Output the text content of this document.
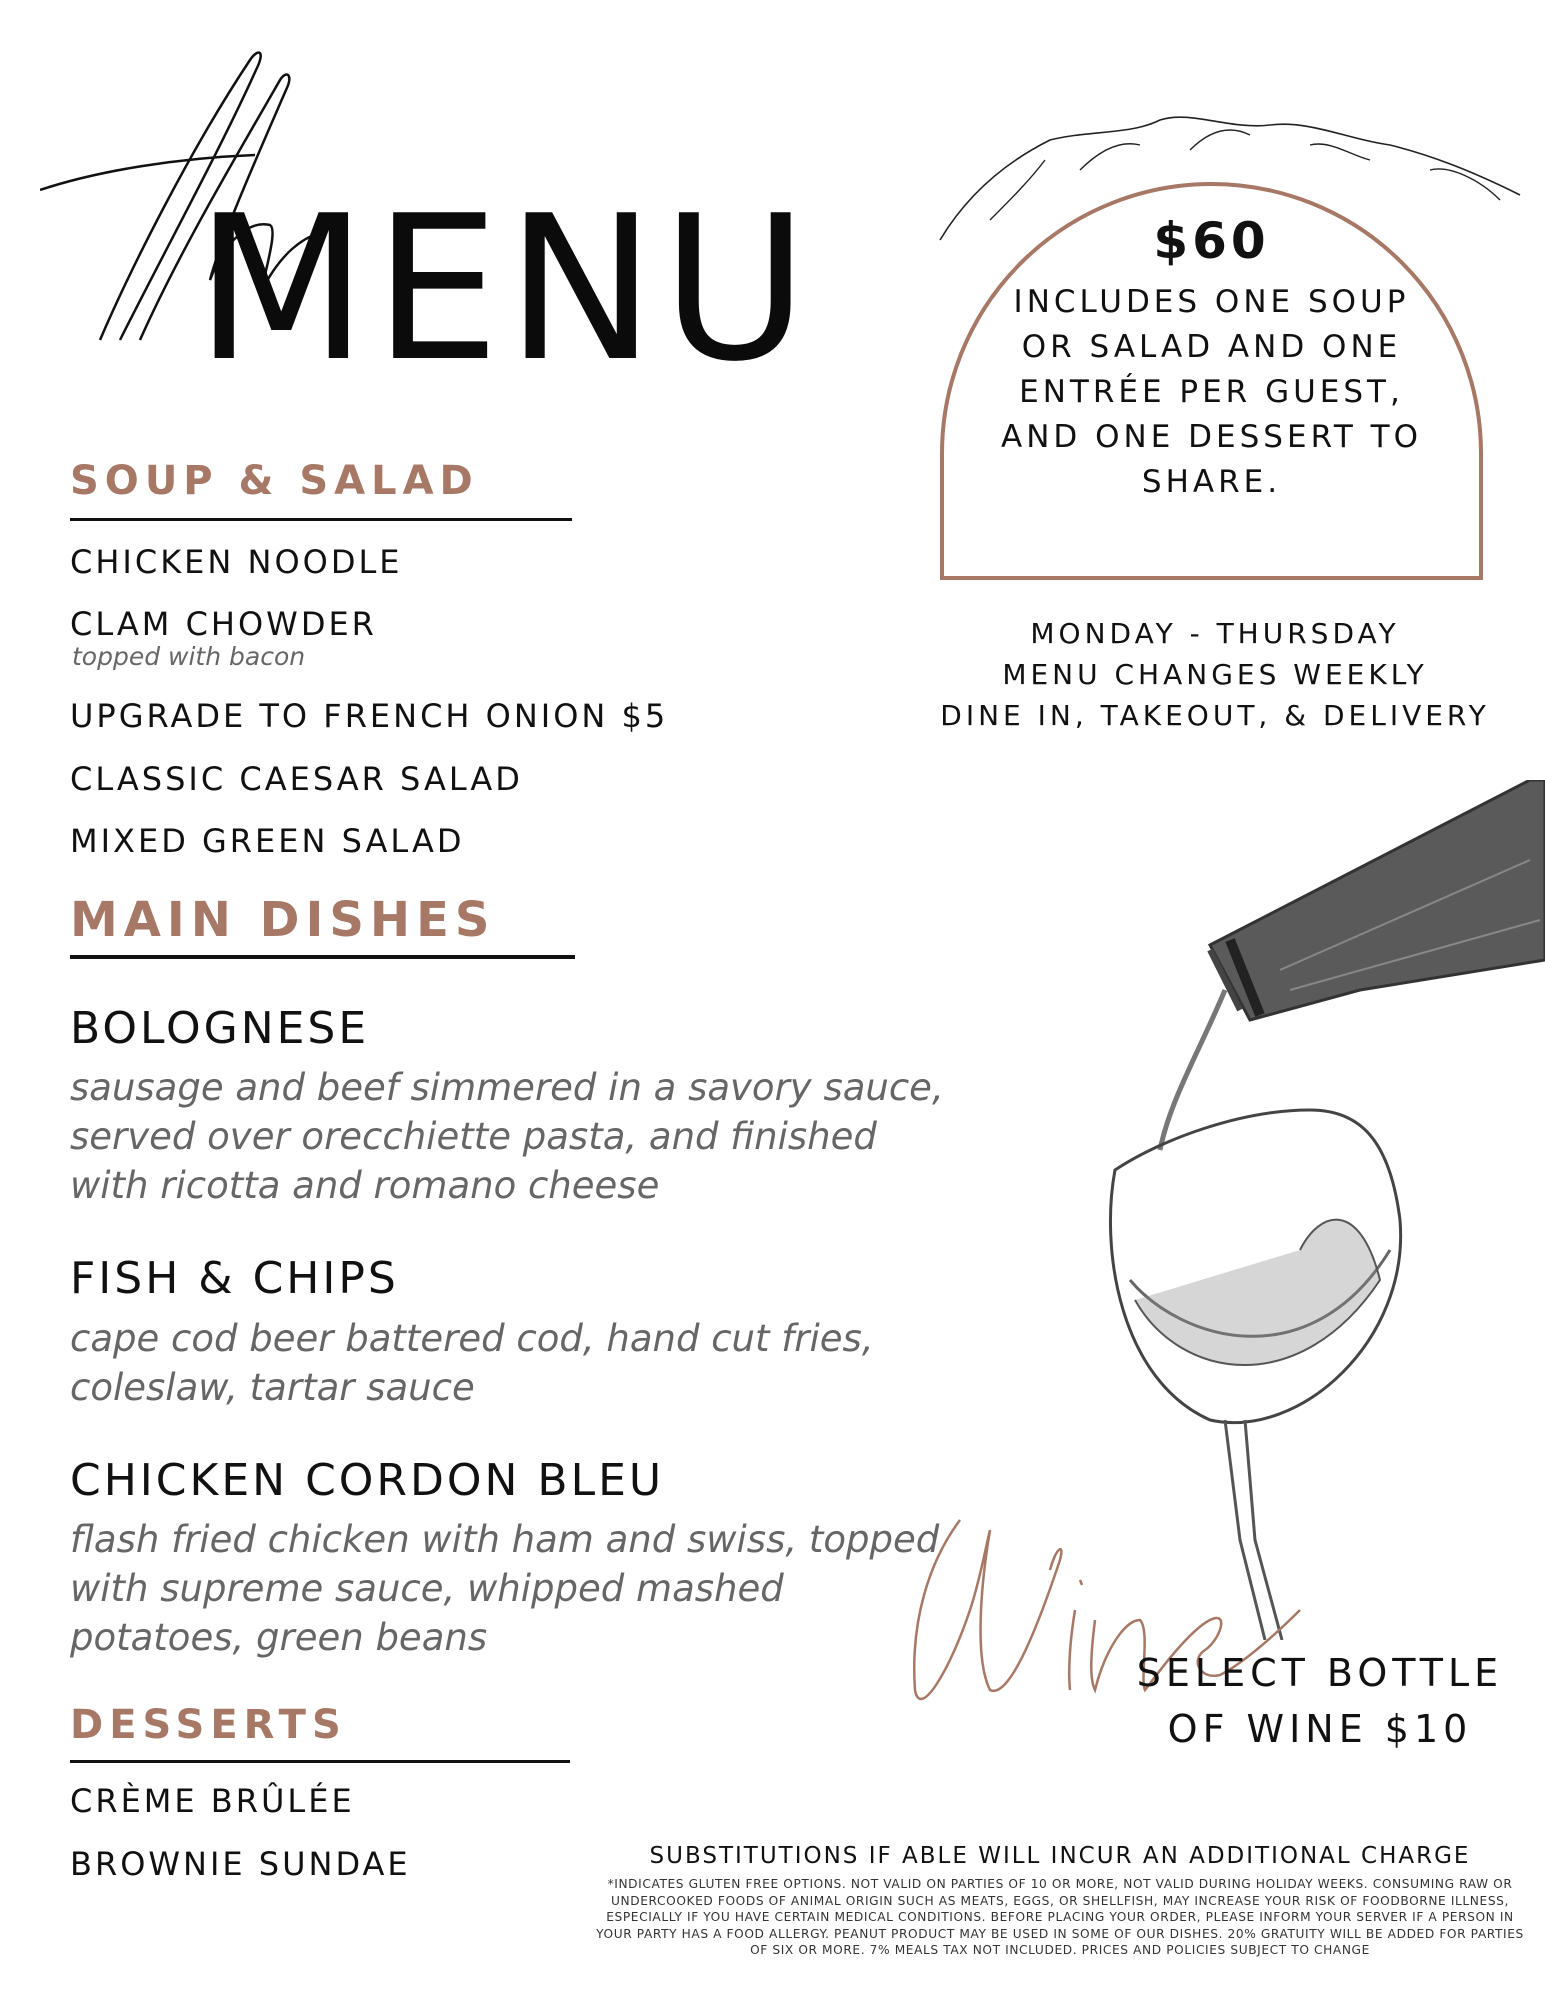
MENU	$60
INCLUDES ONE SOUP OR SALAD AND ONE ENTRÉE PER GUEST, AND ONE DESSERT TO SHARE.
MONDAY - THURSDAY
MENU CHANGES WEEKLY
DINE IN, TAKEOUT, & DELIVERY
SOUP & SALAD
CHICKEN NOODLE
CLAM CHOWDER
topped with bacon
UPGRADE TO FRENCH ONION $5
CLASSIC CAESAR SALAD
MIXED GREEN SALAD
MAIN DISHES
BOLOGNESE
sausage and beef simmered in a savory sauce,
served over orecchiette pasta, and finished
with ricotta and romano cheese
FISH & CHIPS
cape cod beer battered cod, hand cut fries,
coleslaw, tartar sauce
CHICKEN CORDON BLEU
flash fried chicken with ham and swiss, topped
with supreme sauce, whipped mashed
potatoes, green beans
DESSERTS
CRÈME BRÛLÉE
BROWNIE SUNDAE
SELECT BOTTLE
OF WINE $10
SUBSTITUTIONS IF ABLE WILL INCUR AN ADDITIONAL CHARGE
*INDICATES GLUTEN FREE OPTIONS. NOT VALID ON PARTIES OF 10 OR MORE, NOT VALID DURING HOLIDAY WEEKS. CONSUMING RAW OR UNDERCOOKED FOODS OF ANIMAL ORIGIN SUCH AS MEATS, EGGS, OR SHELLFISH, MAY INCREASE YOUR RISK OF FOODBORNE ILLNESS, ESPECIALLY IF YOU HAVE CERTAIN MEDICAL CONDITIONS. BEFORE PLACING YOUR ORDER, PLEASE INFORM YOUR SERVER IF A PERSON IN YOUR PARTY HAS A FOOD ALLERGY. PEANUT PRODUCT MAY BE USED IN SOME OF OUR DISHES. 20% GRATUITY WILL BE ADDED FOR PARTIES OF SIX OR MORE. 7% MEALS TAX NOT INCLUDED. PRICES AND POLICIES SUBJECT TO CHANGE
